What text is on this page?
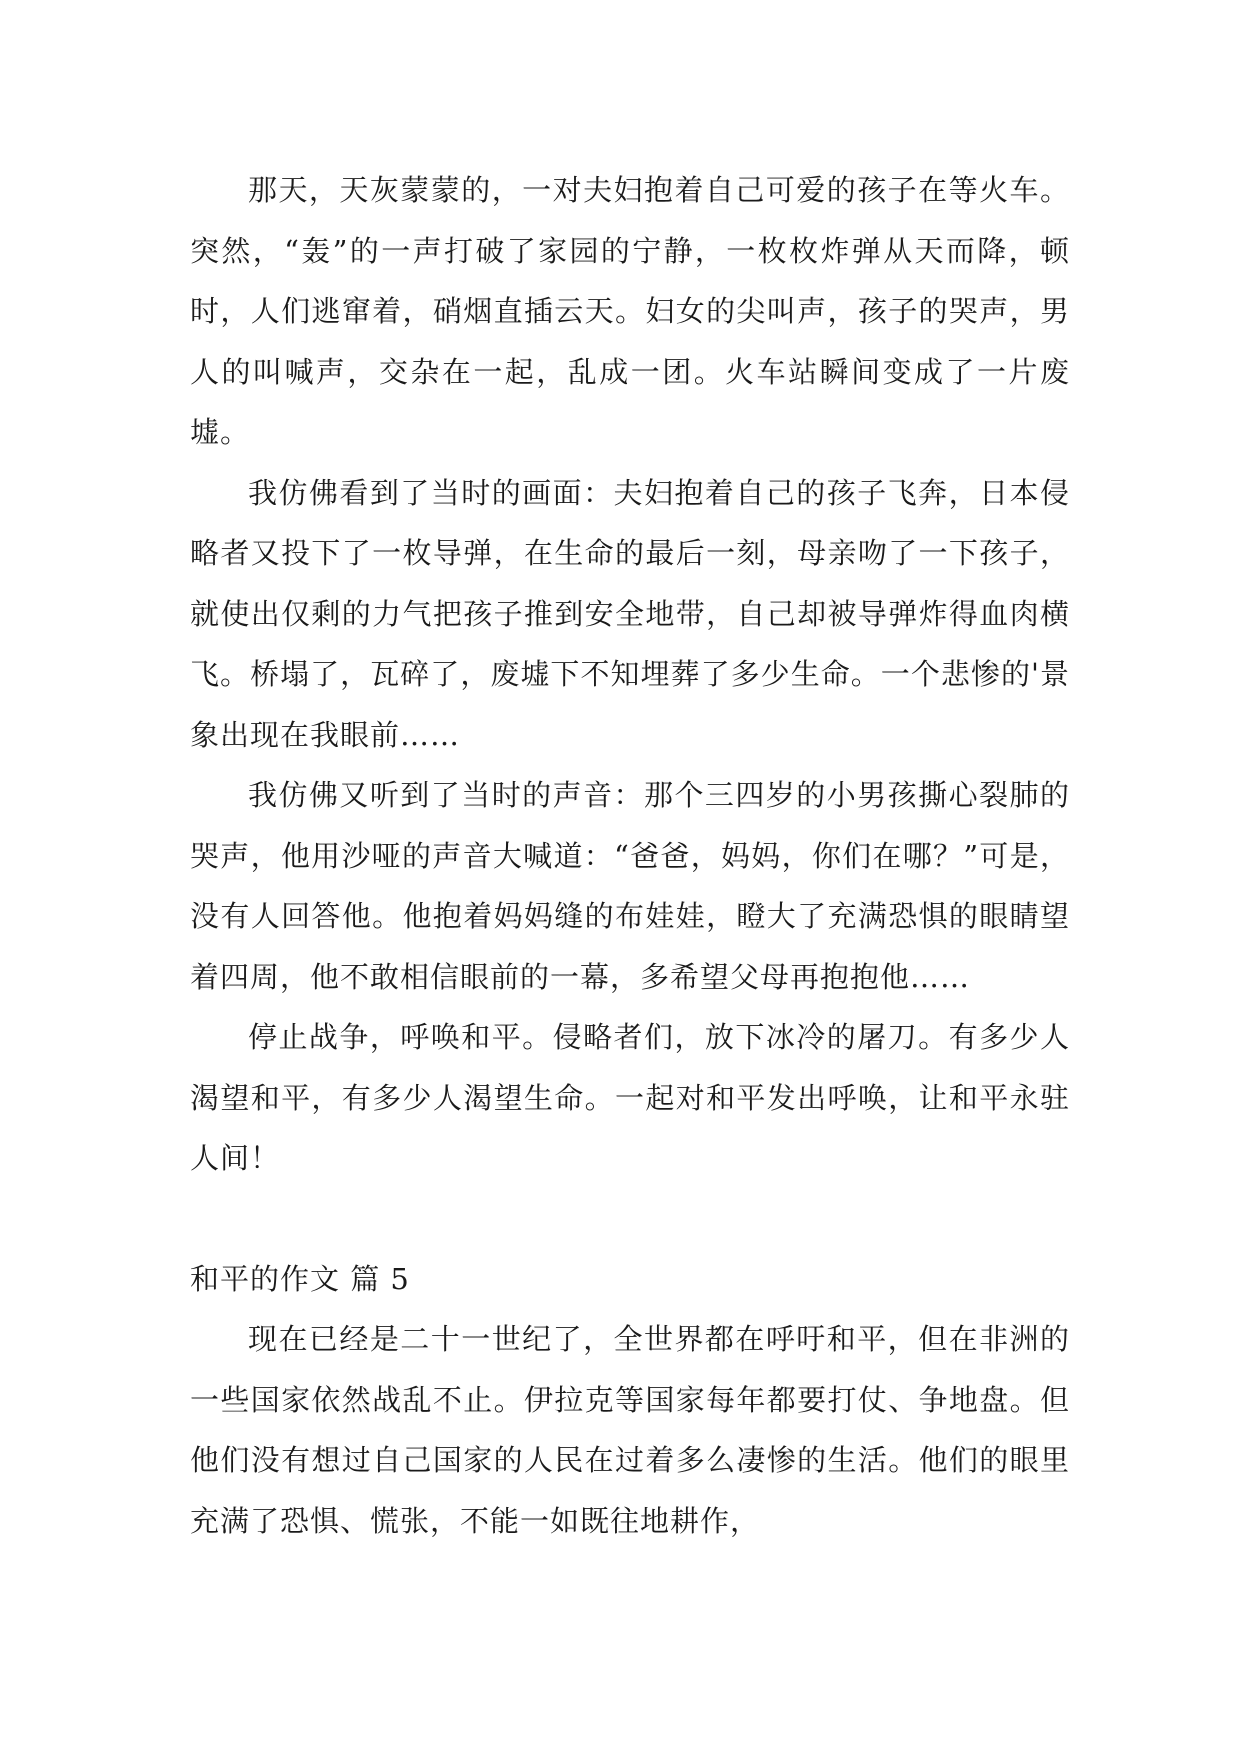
那天，天灰蒙蒙的，一对夫妇抱着自己可爱的孩子在等火车。突然，“轰”的一声打破了家园的宁静，一枚枚炸弹从天而降，顿时，人们逃窜着，硝烟直插云天。妇女的尖叫声，孩子的哭声，男人的叫喊声，交杂在一起，乱成一团。火车站瞬间变成了一片废墟。

我仿佛看到了当时的画面：夫妇抱着自己的孩子飞奔，日本侵略者又投下了一枚导弹，在生命的最后一刻，母亲吻了一下孩子，就使出仅剩的力气把孩子推到安全地带，自己却被导弹炸得血肉横飞。桥塌了，瓦碎了，废墟下不知埋葬了多少生命。一个悲惨的'景象出现在我眼前……

我仿佛又听到了当时的声音：那个三四岁的小男孩撕心裂肺的哭声，他用沙哑的声音大喊道：“爸爸，妈妈，你们在哪？”可是，没有人回答他。他抱着妈妈缝的布娃娃，瞪大了充满恐惧的眼睛望着四周，他不敢相信眼前的一幕，多希望父母再抱抱他……

停止战争，呼唤和平。侵略者们，放下冰冷的屠刀。有多少人渴望和平，有多少人渴望生命。一起对和平发出呼唤，让和平永驻人间！

和平的作文 篇 5

现在已经是二十一世纪了，全世界都在呼吁和平，但在非洲的一些国家依然战乱不止。伊拉克等国家每年都要打仗、争地盘。但他们没有想过自己国家的人民在过着多么凄惨的生活。他们的眼里充满了恐惧、慌张，不能一如既往地耕作，
